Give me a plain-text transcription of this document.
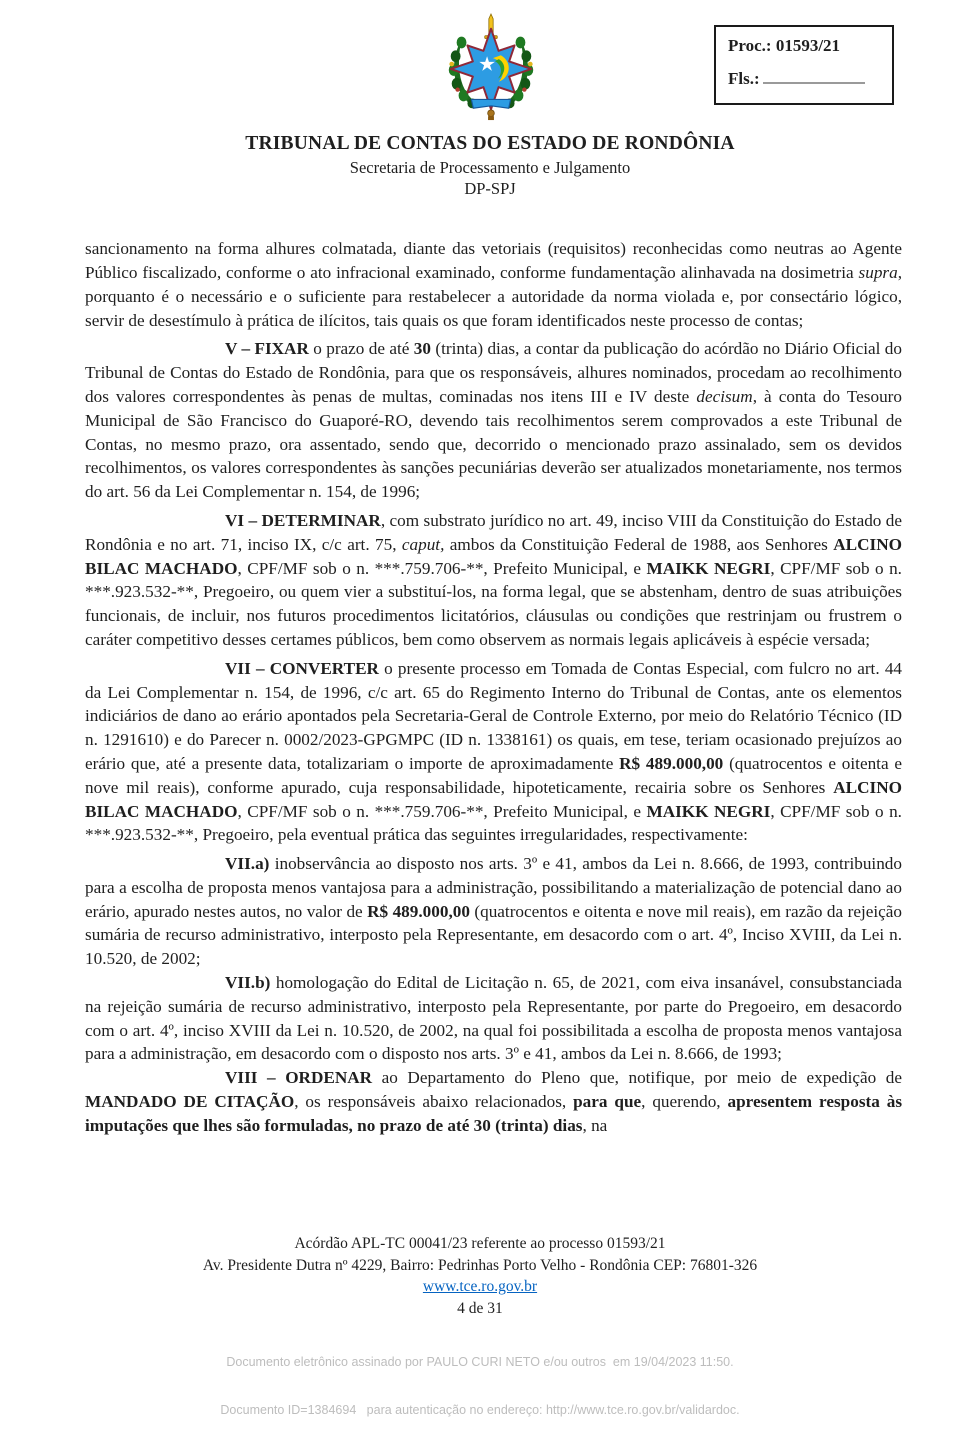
Proc.: 01593/21
Fls.:
TRIBUNAL DE CONTAS DO ESTADO DE RONDÔNIA
Secretaria de Processamento e Julgamento
DP-SPJ

sancionamento na forma alhures colmatada, diante das vetoriais (requisitos) reconhecidas como neutras ao Agente Público fiscalizado, conforme o ato infracional examinado, conforme fundamentação alinhavada na dosimetria supra, porquanto é o necessário e o suficiente para restabelecer a autoridade da norma violada e, por consectário lógico, servir de desestímulo à prática de ilícitos, tais quais os que foram identificados neste processo de contas;

V – FIXAR o prazo de até 30 (trinta) dias, a contar da publicação do acórdão no Diário Oficial do Tribunal de Contas do Estado de Rondônia, para que os responsáveis, alhures nominados, procedam ao recolhimento dos valores correspondentes às penas de multas, cominadas nos itens III e IV deste decisum, à conta do Tesouro Municipal de São Francisco do Guaporé-RO, devendo tais recolhimentos serem comprovados a este Tribunal de Contas, no mesmo prazo, ora assentado, sendo que, decorrido o mencionado prazo assinalado, sem os devidos recolhimentos, os valores correspondentes às sanções pecuniárias deverão ser atualizados monetariamente, nos termos do art. 56 da Lei Complementar n. 154, de 1996;

VI – DETERMINAR, com substrato jurídico no art. 49, inciso VIII da Constituição do Estado de Rondônia e no art. 71, inciso IX, c/c art. 75, caput, ambos da Constituição Federal de 1988, aos Senhores ALCINO BILAC MACHADO, CPF/MF sob o n. ***.759.706-**, Prefeito Municipal, e MAIKK NEGRI, CPF/MF sob o n. ***.923.532-**, Pregoeiro, ou quem vier a substituí-los, na forma legal, que se abstenham, dentro de suas atribuições funcionais, de incluir, nos futuros procedimentos licitatórios, cláusulas ou condições que restrinjam ou frustrem o caráter competitivo desses certames públicos, bem como observem as normais legais aplicáveis à espécie versada;

VII – CONVERTER o presente processo em Tomada de Contas Especial, com fulcro no art. 44 da Lei Complementar n. 154, de 1996, c/c art. 65 do Regimento Interno do Tribunal de Contas, ante os elementos indiciários de dano ao erário apontados pela Secretaria-Geral de Controle Externo, por meio do Relatório Técnico (ID n. 1291610) e do Parecer n. 0002/2023-GPGMPC (ID n. 1338161) os quais, em tese, teriam ocasionado prejuízos ao erário que, até a presente data, totalizariam o importe de aproximadamente R$ 489.000,00 (quatrocentos e oitenta e nove mil reais), conforme apurado, cuja responsabilidade, hipoteticamente, recairia sobre os Senhores ALCINO BILAC MACHADO, CPF/MF sob o n. ***.759.706-**, Prefeito Municipal, e MAIKK NEGRI, CPF/MF sob o n. ***.923.532-**, Pregoeiro, pela eventual prática das seguintes irregularidades, respectivamente:

VII.a) inobservância ao disposto nos arts. 3º e 41, ambos da Lei n. 8.666, de 1993, contribuindo para a escolha de proposta menos vantajosa para a administração, possibilitando a materialização de potencial dano ao erário, apurado nestes autos, no valor de R$ 489.000,00 (quatrocentos e oitenta e nove mil reais), em razão da rejeição sumária de recurso administrativo, interposto pela Representante, em desacordo com o art. 4º, Inciso XVIII, da Lei n. 10.520, de 2002;

VII.b) homologação do Edital de Licitação n. 65, de 2021, com eiva insanável, consubstanciada na rejeição sumária de recurso administrativo, interposto pela Representante, por parte do Pregoeiro, em desacordo com o art. 4º, inciso XVIII da Lei n. 10.520, de 2002, na qual foi possibilitada a escolha de proposta menos vantajosa para a administração, em desacordo com o disposto nos arts. 3º e 41, ambos da Lei n. 8.666, de 1993;

VIII – ORDENAR ao Departamento do Pleno que, notifique, por meio de expedição de MANDADO DE CITAÇÃO, os responsáveis abaixo relacionados, para que, querendo, apresentem resposta às imputações que lhes são formuladas, no prazo de até 30 (trinta) dias, na

Acórdão APL-TC 00041/23 referente ao processo 01593/21
Av. Presidente Dutra nº 4229, Bairro: Pedrinhas Porto Velho - Rondônia CEP: 76801-326
www.tce.ro.gov.br
4 de 31

Documento eletrônico assinado por PAULO CURI NETO e/ou outros  em 19/04/2023 11:50.

Documento ID=1384694   para autenticação no endereço: http://www.tce.ro.gov.br/validardoc.
